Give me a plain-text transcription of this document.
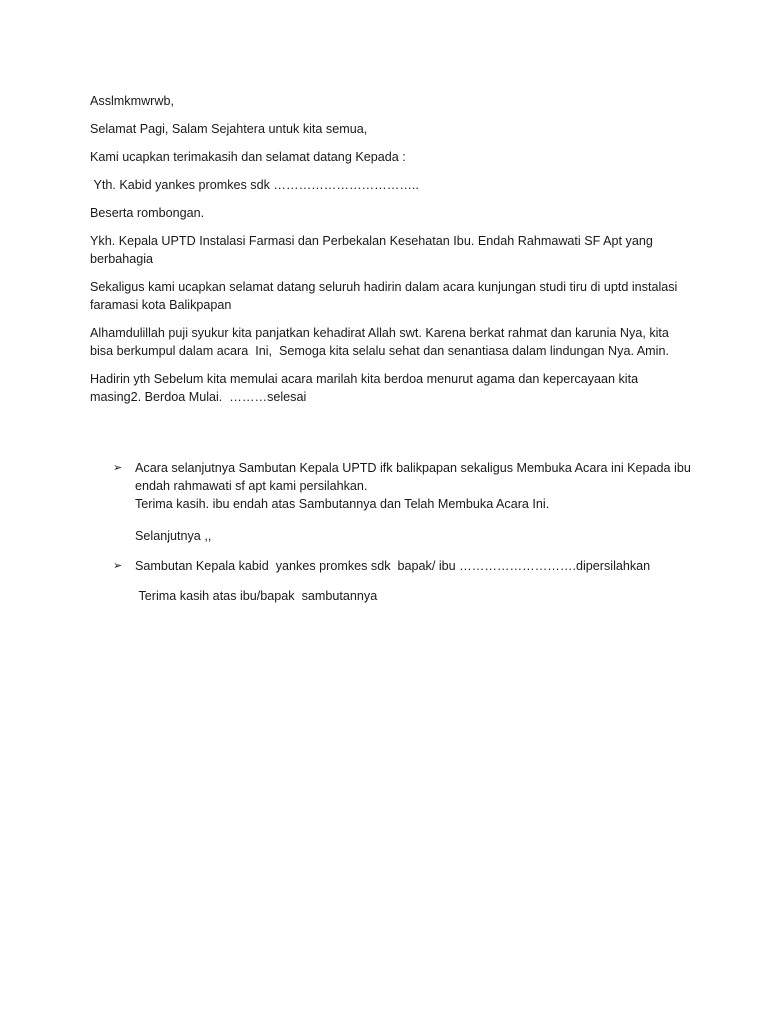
Asslmkmwrwb,

Selamat Pagi, Salam Sejahtera untuk kita semua,

Kami ucapkan terimakasih dan selamat datang Kepada :

Yth. Kabid yankes promkes sdk ……………………………..

Beserta rombongan.

Ykh. Kepala UPTD Instalasi Farmasi dan Perbekalan Kesehatan Ibu. Endah Rahmawati SF Apt yang berbahagia

Sekaligus kami ucapkan selamat datang seluruh hadirin dalam acara kunjungan studi tiru di uptd instalasi faramasi kota Balikpapan

Alhamdulillah puji syukur kita panjatkan kehadirat Allah swt. Karena berkat rahmat dan karunia Nya, kita bisa berkumpul dalam acara  Ini,  Semoga kita selalu sehat dan senantiasa dalam lindungan Nya. Amin.

Hadirin yth Sebelum kita memulai acara marilah kita berdoa menurut agama dan kepercayaan kita masing2. Berdoa Mulai.  ………selesai

➢ Acara selanjutnya Sambutan Kepala UPTD ifk balikpapan sekaligus Membuka Acara ini Kepada ibu endah rahmawati sf apt kami persilahkan.
Terima kasih. ibu endah atas Sambutannya dan Telah Membuka Acara Ini.
Selanjutnya ,,
➢ Sambutan Kepala kabid  yankes promkes sdk  bapak/ ibu ……………………….dipersilahkan
Terima kasih atas ibu/bapak  sambutannya
